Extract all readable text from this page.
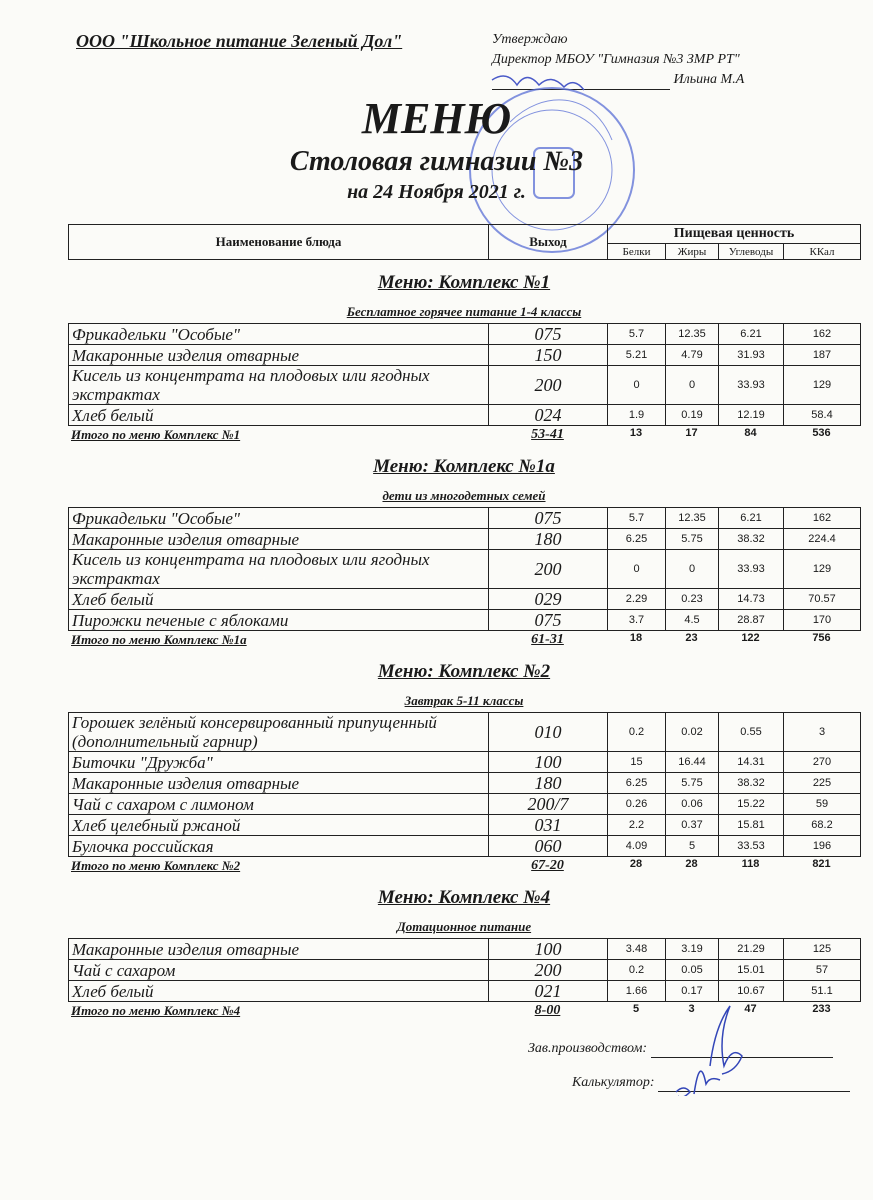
ООО "Школьное питание Зеленый Дол"	Утверждаю
Директор МБОУ "Гимназия №3 ЗМР РТ"
Ильина М.А
МЕНЮ
Столовая гимназии №3
на 24 Ноября 2021 г.
Наименование блюда	Выход	Пищевая ценность			
		Белки	Жиры	Углеводы	ККал
Меню: Комплекс №1
Бесплатное горячее питание 1-4 классы
Фрикадельки "Особые"	075	5.7	12.35	6.21	162
Макаронные изделия отварные	150	5.21	4.79	31.93	187
Кисель из концентрата на плодовых или ягодных экстрактах	200	0	0	33.93	129
Хлеб белый	024	1.9	0.19	12.19	58.4
Итого по меню Комплекс №1	53-41	13	17	84	536
Меню: Комплекс №1а
дети из многодетных семей
Фрикадельки "Особые"	075	5.7	12.35	6.21	162
Макаронные изделия отварные	180	6.25	5.75	38.32	224.4
Кисель из концентрата на плодовых или ягодных экстрактах	200	0	0	33.93	129
Хлеб белый	029	2.29	0.23	14.73	70.57
Пирожки печеные с яблоками	075	3.7	4.5	28.87	170
Итого по меню Комплекс №1а	61-31	18	23	122	756
Меню: Комплекс №2
Завтрак 5-11 классы
Горошек зелёный консервированный припущенный (дополнительный гарнир)	010	0.2	0.02	0.55	3
Биточки "Дружба"	100	15	16.44	14.31	270
Макаронные изделия отварные	180	6.25	5.75	38.32	225
Чай с сахаром с лимоном	200/7	0.26	0.06	15.22	59
Хлеб целебный ржаной	031	2.2	0.37	15.81	68.2
Булочка российская	060	4.09	5	33.53	196
Итого по меню Комплекс №2	67-20	28	28	118	821
Меню: Комплекс №4
Дотационное питание
Макаронные изделия отварные	100	3.48	3.19	21.29	125
Чай с сахаром	200	0.2	0.05	15.01	57
Хлеб белый	021	1.66	0.17	10.67	51.1
Итого по меню Комплекс №4	8-00	5	3	47	233
Зав.производством:
Калькулятор:
